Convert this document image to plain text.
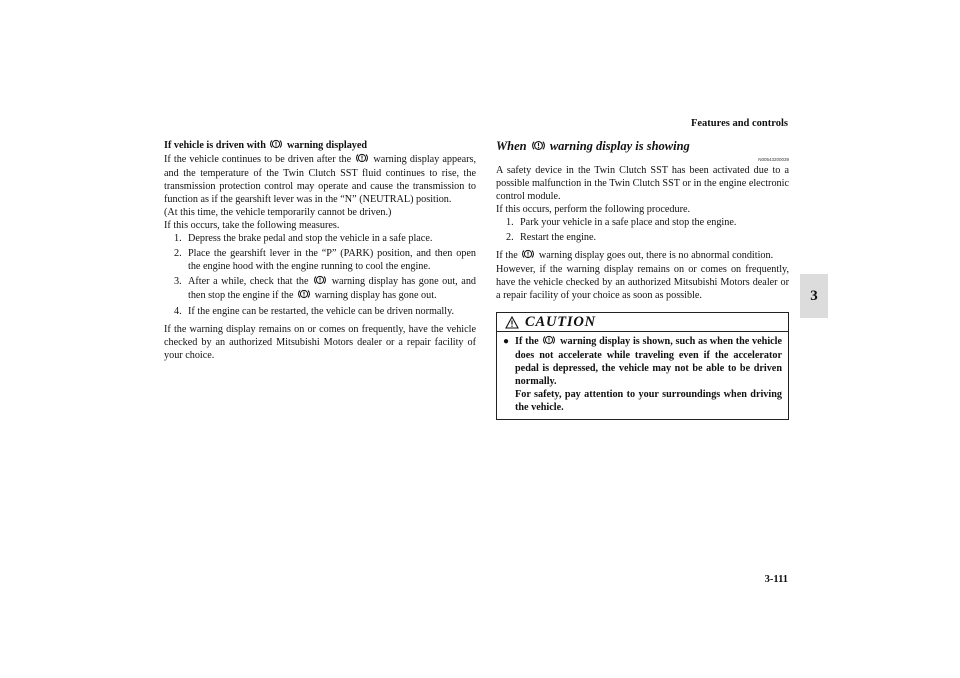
Features and controls
3

If vehicle is driven with warning displayed

If the vehicle continues to be driven after the warning display appears, and the temperature of the Twin Clutch SST fluid continues to rise, the transmission protection control may operate and cause the transmission to function as if the gearshift lever was in the “N” (NEUTRAL) position.

(At this time, the vehicle temporarily cannot be driven.)

If this occurs, take the following measures.

1. Depress the brake pedal and stop the vehicle in a safe place.
2. Place the gearshift lever in the “P” (PARK) position, and then open the engine hood with the engine running to cool the engine.
3. After a while, check that the warning display has gone out, and then stop the engine if the warning display has gone out.
4. If the engine can be restarted, the vehicle can be driven normally.

If the warning display remains on or comes on frequently, have the vehicle checked by an authorized Mitsubishi Motors dealer or a repair facility of your choice.

When warning display is showing
N00543200039

A safety device in the Twin Clutch SST has been activated due to a possible malfunction in the Twin Clutch SST or in the engine electronic control module.

If this occurs, perform the following procedure.

1. Park your vehicle in a safe place and stop the engine.
2. Restart the engine.

If the warning display goes out, there is no abnormal condition.

However, if the warning display remains on or comes on frequently, have the vehicle checked by an authorized Mitsubishi Motors dealer or a repair facility of your choice as soon as possible.

CAUTION
● If the warning display is shown, such as when the vehicle does not accelerate while traveling even if the accelerator pedal is depressed, the vehicle may not be able to be driven normally.
For safety, pay attention to your surroundings when driving the vehicle.
3-111
